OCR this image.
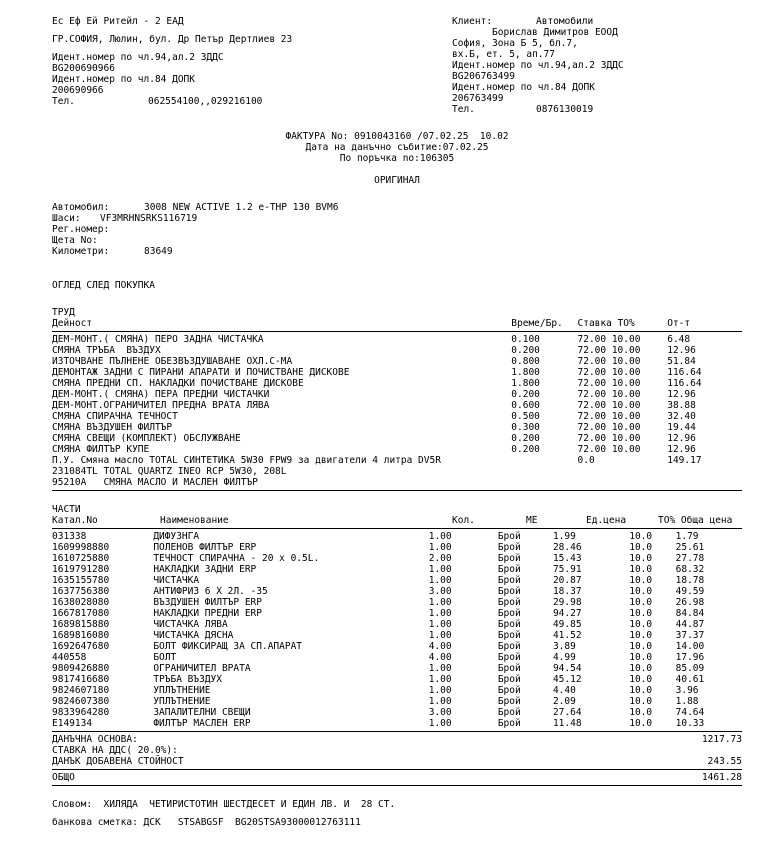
Ес Еф Ей Ритейл - 2 ЕАД
ГР.СОФИЯ, Люлин, бул. Др Петър Дертлиев 23
Идент.номер по чл.94,ал.2 ЗДДС
BG200690966
Идент.номер по чл.84 ДОПК
200690966
Тел.	062554100,,029216100
Клиент:	Автомобили
Борислав Димитров ЕООД
София, Зона Б 5, бл.7,
вх.Б, ет. 5, ап.77
Идент.номер по чл.94,ал.2 ЗДДС
BG206763499
Идент.номер по чл.84 ДОПК
206763499
Тел.	0876130019
ФАКТУРА No: 0910043160 /07.02.25  10.02
Дата на данъчно събитие:07.02.25
По поръчка no:106305
ОРИГИНАЛ
Автомобил:	3008 NEW ACTIVE 1.2 e-THP 130 BVM6
Шаси:	VF3MRHNSRKS116719
Рег.номер:
Щета No:
Километри:	83649
ОГЛЕД СЛЕД ПОКУПКА
ТРУД
Дейност	Време/Бр.	Ставка ТО%	От-т
ДЕМ-МОНТ.( СМЯНА) ПЕРО ЗАДНА ЧИСТАЧКА	0.100	72.00 10.00	6.48
СМЯНА ТРЪБА  ВЪЗДУХ	0.200	72.00 10.00	12.96
ИЗТОЧВАНЕ ПЪЛНЕНЕ ОБЕЗВЪЗДУШАВАНЕ ОХЛ.С-МА	0.800	72.00 10.00	51.84
ДЕМОНТАЖ ЗАДНИ С ПИРАНИ АПАРАТИ И ПОЧИСТВАНЕ ДИСКОВЕ	1.800	72.00 10.00	116.64
СМЯНА ПРЕДНИ СП. НАКЛАДКИ ПОЧИСТВАНЕ ДИСКОВЕ	1.800	72.00 10.00	116.64
ДЕМ-МОНТ.( СМЯНА) ПЕРА ПРЕДНИ ЧИСТАЧКИ	0.200	72.00 10.00	12.96
ДЕМ-МОНТ.ОГРАНИЧИТЕЛ ПРЕДНА ВРАТА ЛЯВА	0.600	72.00 10.00	38.88
СМЯНА СПИРАЧНА ТЕЧНОСТ	0.500	72.00 10.00	32.40
СМЯНА ВЪЗДУШЕН ФИЛТЪР	0.300	72.00 10.00	19.44
СМЯНА СВЕЩИ (КОМПЛЕКТ) ОБСЛУЖВАНЕ	0.200	72.00 10.00	12.96
СМЯНА ФИЛТЪР КУПЕ	0.200	72.00 10.00	12.96
П.У. Смяна масло TOTAL СИНТЕТИКА 5W30 FPW9 за двигатели 4 литра DV5R		0.0	149.17
231084TL TOTAL QUARTZ INEO RCP 5W30, 208L			
95210A   СМЯНА МАСЛО И МАСЛЕН ФИЛТЪР			
ЧАСТИ
Катал.No	Наименование	Кол.	МЕ	Ед.цена	ТО% Обща цена
031338	ДИФУЗНГА	1.00	Брой	1.99	10.0	1.79
1609998880	ПОЛЕНОВ ФИЛТЪР ERP	1.00	Брой	28.46	10.0	25.61
1610725880	ТЕЧНОСТ СПИРАЧНА - 20 x 0.5L.	2.00	Брой	15.43	10.0	27.78
1619791280	НАКЛАДКИ ЗАДНИ ERP	1.00	Брой	75.91	10.0	68.32
1635155780	ЧИСТАЧКА	1.00	Брой	20.87	10.0	18.78
1637756380	АНТИФРИЗ 6 Х 2Л. -35	3.00	Брой	18.37	10.0	49.59
1638028080	ВЪЗДУШЕН ФИЛТЪР ERP	1.00	Брой	29.98	10.0	26.98
1667817080	НАКЛАДКИ ПРЕДНИ ERP	1.00	Брой	94.27	10.0	84.84
1689815880	ЧИСТАЧКА ЛЯВА	1.00	Брой	49.85	10.0	44.87
1689816080	ЧИСТАЧКА ДЯСНА	1.00	Брой	41.52	10.0	37.37
1692647680	БОЛТ ФИКСИРАЩ ЗА СП.АПАРАТ	4.00	Брой	3.89	10.0	14.00
440558	БОЛТ	4.00	Брой	4.99	10.0	17.96
9809426880	ОГРАНИЧИТЕЛ ВРАТА	1.00	Брой	94.54	10.0	85.09
9817416680	ТРЪБА ВЪЗДУХ	1.00	Брой	45.12	10.0	40.61
9824607180	УПЛЪТНЕНИЕ	1.00	Брой	4.40	10.0	3.96
9824607380	УПЛЪТНЕНИЕ	1.00	Брой	2.09	10.0	1.88
9833964280	ЗАПАЛИТЕЛНИ СВЕЩИ	3.00	Брой	27.64	10.0	74.64
E149134	ФИЛТЪР МАСЛЕН ERP	1.00	Брой	11.48	10.0	10.33
ДАНЪЧНА ОСНОВА:	1217.73
СТАВКА НА ДДС( 20.0%):
ДАНЪК ДОБАВЕНА СТОЙНОСТ	243.55
ОБЩО	1461.28
Словом:  ХИЛЯДА  ЧЕТИРИСТОТИН ШЕСТДЕСЕТ И ЕДИН ЛВ. И  28 СТ.
банкова сметка: ДСК   STSABGSF  BG20STSA93000012763111
